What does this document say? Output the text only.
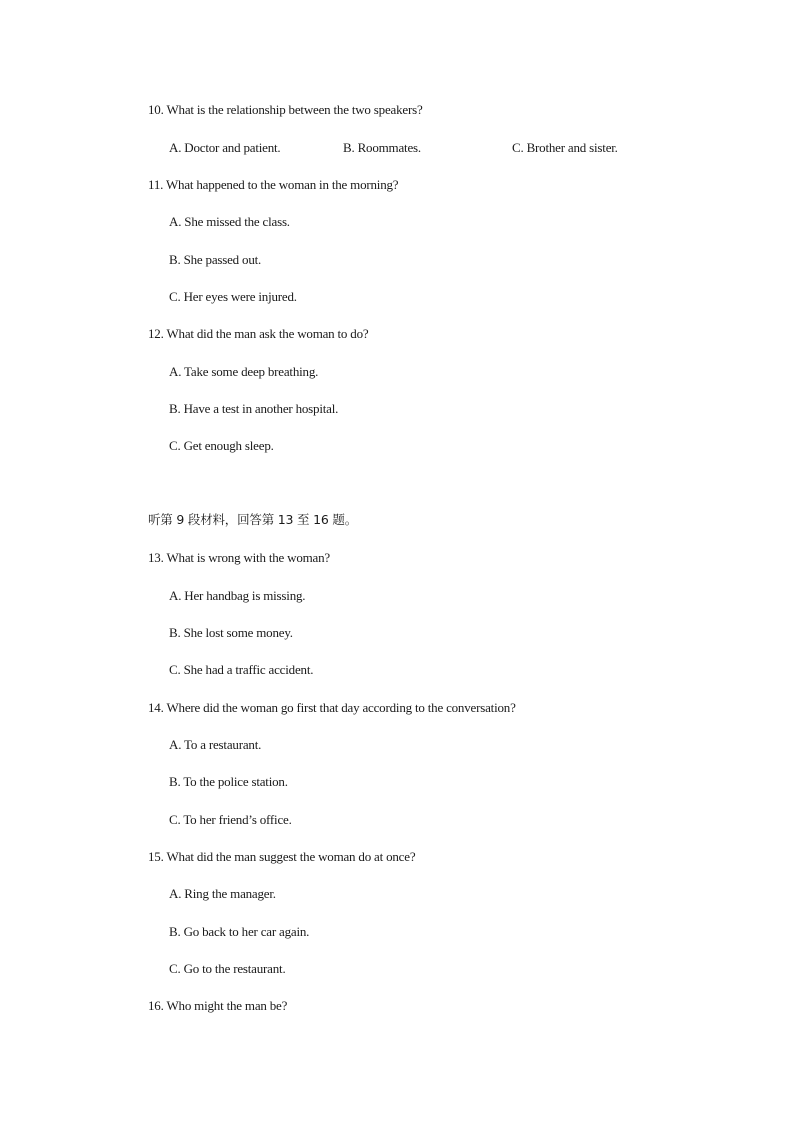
10. What is the relationship between the two speakers?
A. Doctor and patient.	B. Roommates.	C. Brother and sister.
11. What happened to the woman in the morning?
A. She missed the class.
B. She passed out.
C. Her eyes were injured.
12. What did the man ask the woman to do?
A. Take some deep breathing.
B. Have a test in another hospital.
C. Get enough sleep.
听第 9 段材料，回答第 13 至 16 题。
13. What is wrong with the woman?
A. Her handbag is missing.
B. She lost some money.
C. She had a traffic accident.
14. Where did the woman go first that day according to the conversation?
A. To a restaurant.
B. To the police station.
C. To her friend’s office.
15. What did the man suggest the woman do at once?
A. Ring the manager.
B. Go back to her car again.
C. Go to the restaurant.
16. Who might the man be?
